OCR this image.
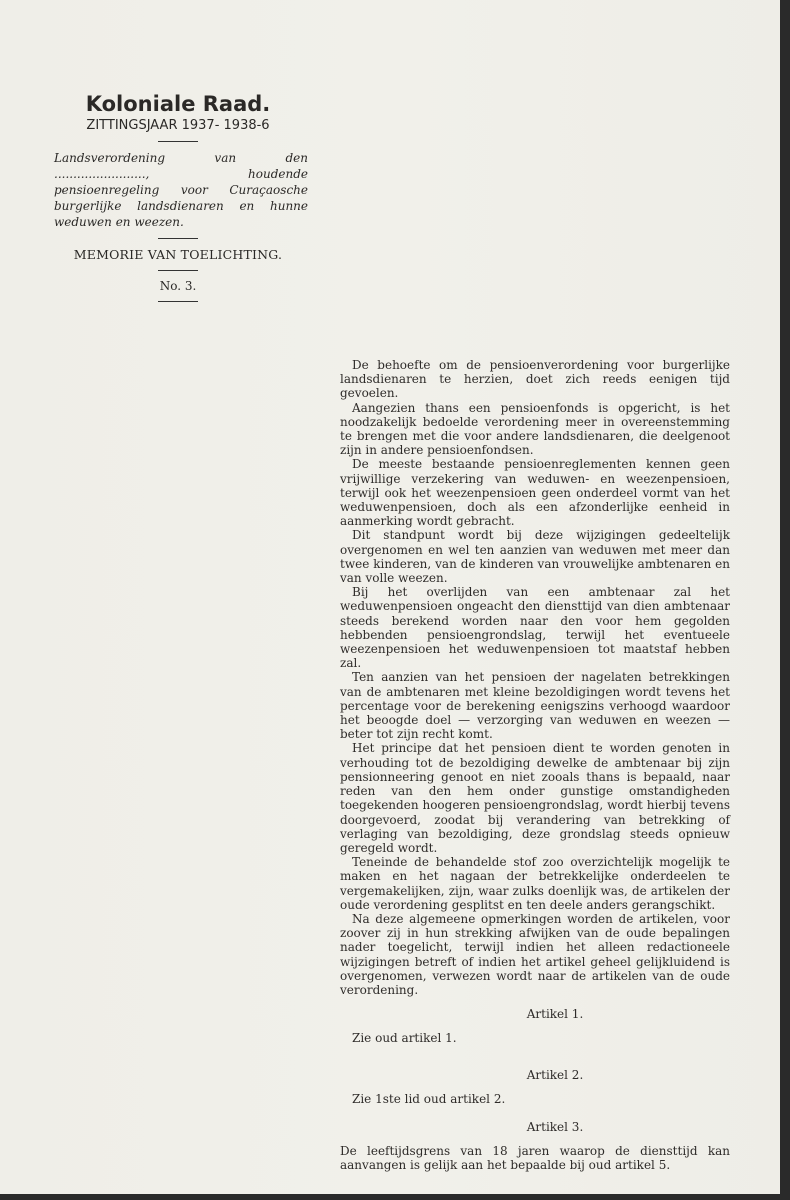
Koloniale Raad.
ZITTINGSJAAR 1937- 1938-6
Landsverordening van den ........................, houdende pensioenregeling voor Curaçaosche burgerlijke landsdienaren en hunne weduwen en weezen.
MEMORIE VAN TOELICHTING.
No. 3.

De behoefte om de pensioenverordening voor burgerlijke landsdienaren te herzien, doet zich reeds eenigen tijd gevoelen.

Aangezien thans een pensioenfonds is opgericht, is het noodzakelijk bedoelde verordening meer in overeenstemming te brengen met die voor andere landsdienaren, die deelgenoot zijn in andere pensioenfondsen.

De meeste bestaande pensioenreglementen kennen geen vrijwillige verzekering van weduwen- en weezenpensioen, terwijl ook het weezenpensioen geen onderdeel vormt van het weduwenpensioen, doch als een afzonderlijke eenheid in aanmerking wordt gebracht.

Dit standpunt wordt bij deze wijzigingen gedeeltelijk overgenomen en wel ten aanzien van weduwen met meer dan twee kinderen, van de kinderen van vrouwelijke ambtenaren en van volle weezen.

Bij het overlijden van een ambtenaar zal het weduwenpensioen ongeacht den diensttijd van dien ambtenaar steeds berekend worden naar den voor hem gegolden hebbenden pensioengrondslag, terwijl het eventueele weezenpensioen het weduwenpensioen tot maatstaf hebben zal.

Ten aanzien van het pensioen der nagelaten betrekkingen van de ambtenaren met kleine bezoldigingen wordt tevens het percentage voor de berekening eenigszins verhoogd waardoor het beoogde doel — verzorging van weduwen en weezen — beter tot zijn recht komt.

Het principe dat het pensioen dient te worden genoten in verhouding tot de bezoldiging dewelke de ambtenaar bij zijn pensionneering genoot en niet zooals thans is bepaald, naar reden van den hem onder gunstige omstandigheden toegekenden hoogeren pensioengrondslag, wordt hierbij tevens doorgevoerd, zoodat bij verandering van betrekking of verlaging van bezoldiging, deze grondslag steeds opnieuw geregeld wordt.

Teneinde de behandelde stof zoo overzichtelijk mogelijk te maken en het nagaan der betrekkelijke onderdeelen te vergemakelijken, zijn, waar zulks doenlijk was, de artikelen der oude verordening gesplitst en ten deele anders gerangschikt.

Na deze algemeene opmerkingen worden de artikelen, voor zoover zij in hun strekking afwijken van de oude bepalingen nader toegelicht, terwijl indien het alleen redactioneele wijzigingen betreft of indien het artikel geheel gelijkluidend is overgenomen, verwezen wordt naar de artikelen van de oude verordening.

Artikel 1.
Zie oud artikel 1.
Artikel 2.
Zie 1ste lid oud artikel 2.
Artikel 3.

De leeftijdsgrens van 18 jaren waarop de diensttijd kan aanvangen is gelijk aan het bepaalde bij oud artikel 5.
